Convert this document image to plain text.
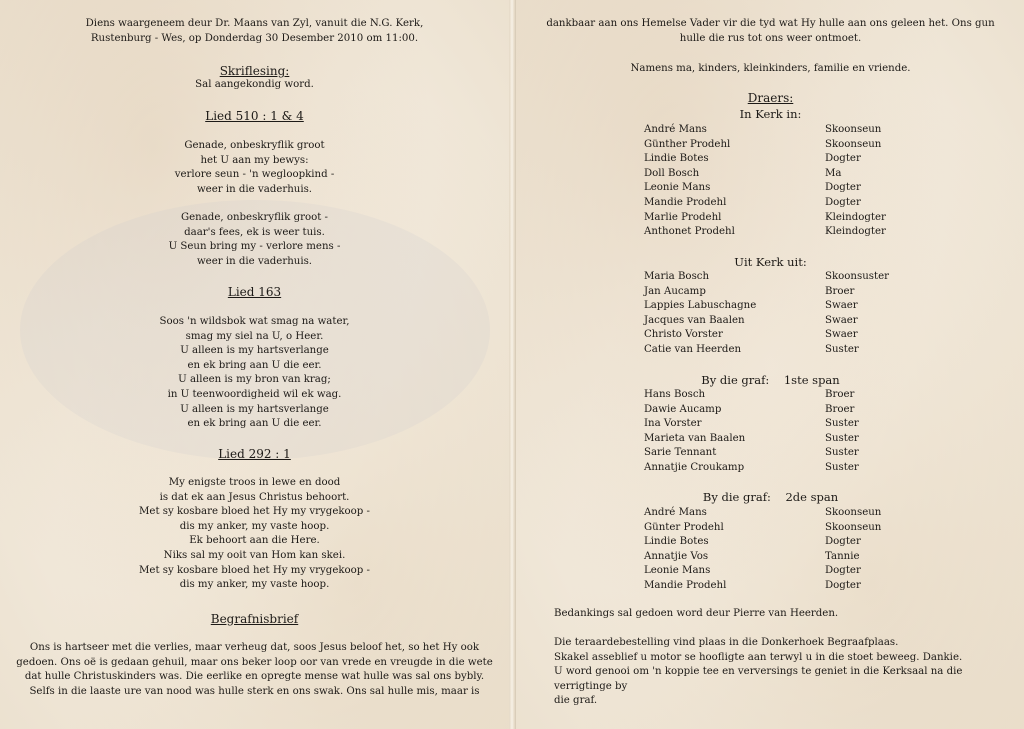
Diens waargeneem deur Dr. Maans van Zyl, vanuit die N.G. Kerk,

Rustenburg - Wes, op Donderdag 30 Desember 2010 om 11:00.

Skriflesing:

Sal aangekondig word.

Lied 510 : 1 & 4

Genade, onbeskryflik groot

het U aan my bewys:

verlore seun - 'n wegloopkind -

weer in die vaderhuis.

Genade, onbeskryflik groot -

daar's fees, ek is weer tuis.

U Seun bring my - verlore mens -

weer in die vaderhuis.

Lied 163

Soos 'n wildsbok wat smag na water,

smag my siel na U, o Heer.

U alleen is my hartsverlange

en ek bring aan U die eer.

U alleen is my bron van krag;

in U teenwoordigheid wil ek wag.

U alleen is my hartsverlange

en ek bring aan U die eer.

Lied 292 : 1

My enigste troos in lewe en dood

is dat ek aan Jesus Christus behoort.

Met sy kosbare bloed het Hy my vrygekoop -

dis my anker, my vaste hoop.

Ek behoort aan die Here.

Niks sal my ooit van Hom kan skei.

Met sy kosbare bloed het Hy my vrygekoop -

dis my anker, my vaste hoop.

Begrafnisbrief

Ons is hartseer met die verlies, maar verheug dat, soos Jesus beloof het, so het Hy ook

gedoen. Ons oë is gedaan gehuil, maar ons beker loop oor van vrede en vreugde in die wete

dat hulle Christuskinders was. Die eerlike en opregte mense wat hulle was sal ons bybly.

Selfs in die laaste ure van nood was hulle sterk en ons swak. Ons sal hulle mis, maar is

dankbaar aan ons Hemelse Vader vir die tyd wat Hy hulle aan ons geleen het. Ons gun

hulle die rus tot ons weer ontmoet.

Namens ma, kinders, kleinkinders, familie en vriende.

Draers:

In Kerk in:

André Mans	Skoonseun
Günther Prodehl	Skoonseun
Lindie Botes	Dogter
Doll Bosch	Ma
Leonie Mans	Dogter
Mandie Prodehl	Dogter
Marlie Prodehl	Kleindogter
Anthonet Prodehl	Kleindogter

Uit Kerk uit:

Maria Bosch	Skoonsuster
Jan Aucamp	Broer
Lappies Labuschagne	Swaer
Jacques van Baalen	Swaer
Christo Vorster	Swaer
Catie van Heerden	Suster

By die graf:    1ste span

Hans Bosch	Broer
Dawie Aucamp	Broer
Ina Vorster	Suster
Marieta van Baalen	Suster
Sarie Tennant	Suster
Annatjie Croukamp	Suster

By die graf:    2de span

André Mans	Skoonseun
Günter Prodehl	Skoonseun
Lindie Botes	Dogter
Annatjie Vos	Tannie
Leonie Mans	Dogter
Mandie Prodehl	Dogter

Bedankings sal gedoen word deur Pierre van Heerden.

Die teraardebestelling vind plaas in die Donkerhoek Begraafplaas.
Skakel asseblief u motor se hoofligte aan terwyl u in die stoet beweeg. Dankie.
U word genooi om 'n koppie tee en verversings te geniet in die Kerksaal na die verrigtinge by
die graf.
